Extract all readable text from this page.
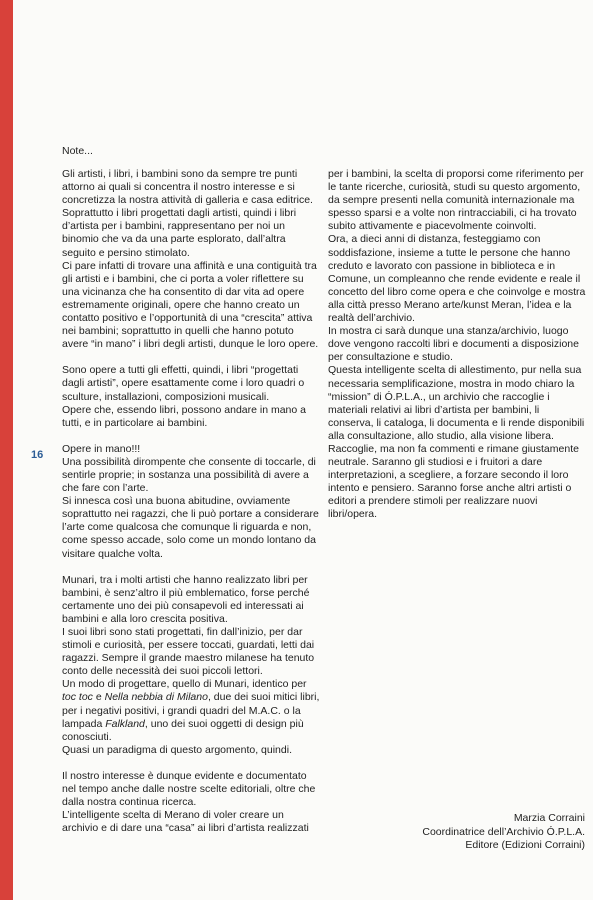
Note...
16

Gli artisti, i libri, i bambini sono da sempre tre punti attorno ai quali si concentra il nostro interesse e si concretizza la nostra attività di galleria e casa editrice.

Soprattutto i libri progettati dagli artisti, quindi i libri d’artista per i bambini, rappresentano per noi un binomio che va da una parte esplorato, dall’altra seguito e persino stimolato.

Ci pare infatti di trovare una affinità e una contiguità tra gli artisti e i bambini, che ci porta a voler riflettere su una vicinanza che ha consentito di dar vita ad opere estremamente originali, opere che hanno creato un contatto positivo e l’opportunità di una “crescita” attiva nei bambini; soprattutto in quelli che hanno potuto avere “in mano” i libri degli artisti, dunque le loro opere.

Sono opere a tutti gli effetti, quindi, i libri “progettati dagli artisti”, opere esattamente come i loro quadri o sculture, installazioni, composizioni musicali.

Opere che, essendo libri, possono andare in mano a tutti, e in particolare ai bambini.

Opere in mano!!!

Una possibilità dirompente che consente di toccarle, di sentirle proprie; in sostanza una possibilità di avere a che fare con l’arte.

Si innesca così una buona abitudine, ovviamente soprattutto nei ragazzi, che li può portare a considerare l’arte come qualcosa che comunque li riguarda e non, come spesso accade, solo come un mondo lontano da visitare qualche volta.

Munari, tra i molti artisti che hanno realizzato libri per bambini, è senz’altro il più emblematico, forse perché certamente uno dei più consapevoli ed interessati ai bambini e alla loro crescita positiva.

I suoi libri sono stati progettati, fin dall’inizio, per dar stimoli e curiosità, per essere toccati, guardati, letti dai ragazzi. Sempre il grande maestro milanese ha tenuto conto delle necessità dei suoi piccoli lettori.

Un modo di progettare, quello di Munari, identico per toc toc e Nella nebbia di Milano, due dei suoi mitici libri, per i negativi positivi, i grandi quadri del M.A.C. o la lampada Falkland, uno dei suoi oggetti di design più conosciuti.

Quasi un paradigma di questo argomento, quindi.

Il nostro interesse è dunque evidente e documentato nel tempo anche dalle nostre scelte editoriali, oltre che dalla nostra continua ricerca.

L’intelligente scelta di Merano di voler creare un archivio e di dare una “casa” ai libri d’artista realizzati

per i bambini, la scelta di proporsi come riferimento per le tante ricerche, curiosità, studi su questo argomento, da sempre presenti nella comunità internazionale ma spesso sparsi e a volte non rintracciabili, ci ha trovato subito attivamente e piacevolmente coinvolti.

Ora, a dieci anni di distanza, festeggiamo con soddisfazione, insieme a tutte le persone che hanno creduto e lavorato con passione in biblioteca e in Comune, un compleanno che rende evidente e reale il concetto del libro come opera e che coinvolge e mostra alla città presso Merano arte/kunst Meran, l’idea e la realtà dell’archivio.

In mostra ci sarà dunque una stanza/archivio, luogo dove vengono raccolti libri e documenti a disposizione per consultazione e studio.

Questa intelligente scelta di allestimento, pur nella sua necessaria semplificazione, mostra in modo chiaro la “mission” di Ó.P.L.A., un archivio che raccoglie i materiali relativi ai libri d’artista per bambini, li conserva, li cataloga, li documenta e li rende disponibili alla consultazione, allo studio, alla visione libera.

Raccoglie, ma non fa commenti e rimane giustamente neutrale. Saranno gli studiosi e i fruitori a dare interpretazioni, a scegliere, a forzare secondo il loro intento e pensiero. Saranno forse anche altri artisti o editori a prendere stimoli per realizzare nuovi libri/opera.

Marzia Corraini
Coordinatrice dell’Archivio Ó.P.L.A.
Editore (Edizioni Corraini)
